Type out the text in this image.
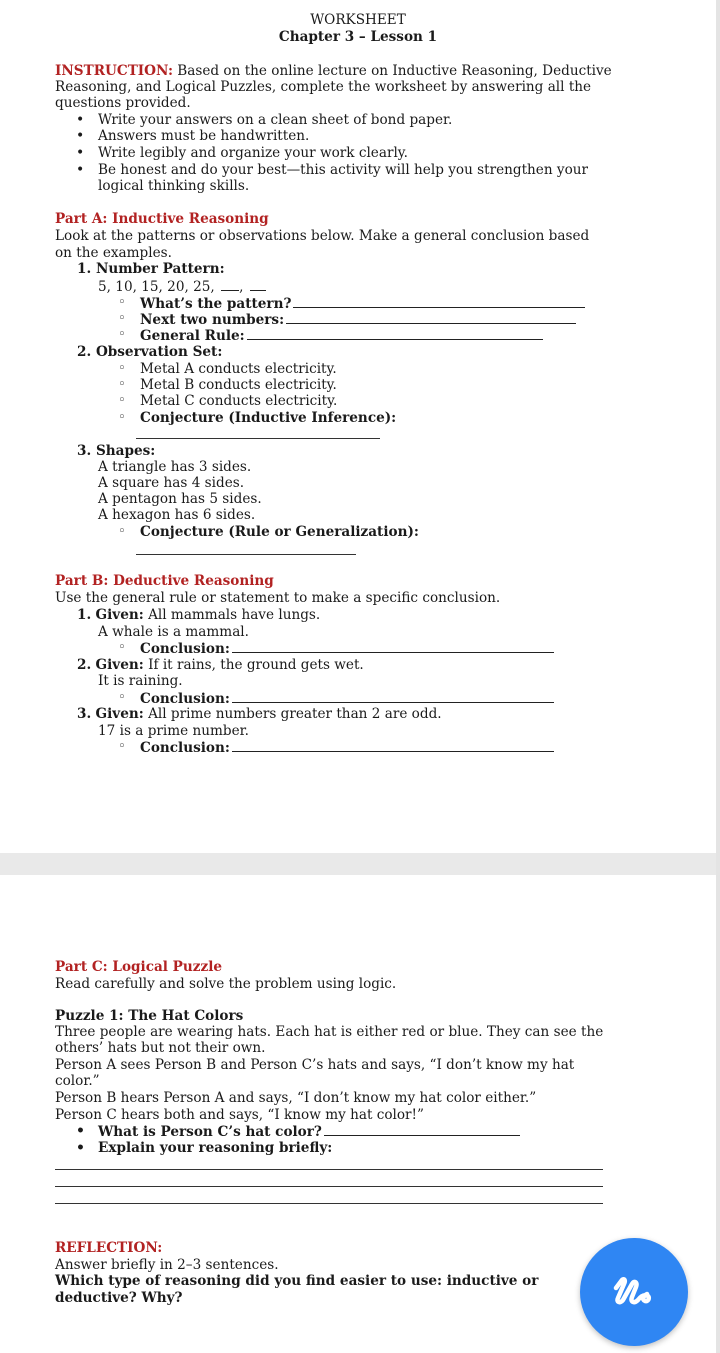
WORKSHEET
Chapter 3 – Lesson 1
INSTRUCTION: Based on the online lecture on Inductive Reasoning, Deductive
Reasoning, and Logical Puzzles, complete the worksheet by answering all the
questions provided.
• Write your answers on a clean sheet of bond paper.
• Answers must be handwritten.
• Write legibly and organize your work clearly.
• Be honest and do your best—this activity will help you strengthen your
logical thinking skills.
Part A: Inductive Reasoning
Look at the patterns or observations below. Make a general conclusion based
on the examples.
1. Number Pattern:
5, 10, 15, 20, 25, ,
◦ What’s the pattern?
◦ Next two numbers:
◦ General Rule:
2. Observation Set:
◦ Metal A conducts electricity.
◦ Metal B conducts electricity.
◦ Metal C conducts electricity.
◦ Conjecture (Inductive Inference):
3. Shapes:
A triangle has 3 sides.
A square has 4 sides.
A pentagon has 5 sides.
A hexagon has 6 sides.
◦ Conjecture (Rule or Generalization):
Part B: Deductive Reasoning
Use the general rule or statement to make a specific conclusion.
1. Given: All mammals have lungs.
A whale is a mammal.
◦ Conclusion:
2. Given: If it rains, the ground gets wet.
It is raining.
◦ Conclusion:
3. Given: All prime numbers greater than 2 are odd.
17 is a prime number.
◦ Conclusion:
Part C: Logical Puzzle
Read carefully and solve the problem using logic.
Puzzle 1: The Hat Colors
Three people are wearing hats. Each hat is either red or blue. They can see the
others’ hats but not their own.
Person A sees Person B and Person C’s hats and says, “I don’t know my hat
color.”
Person B hears Person A and says, “I don’t know my hat color either.”
Person C hears both and says, “I know my hat color!”
• What is Person C’s hat color?
• Explain your reasoning briefly:
REFLECTION:
Answer briefly in 2–3 sentences.
Which type of reasoning did you find easier to use: inductive or
deductive? Why?
